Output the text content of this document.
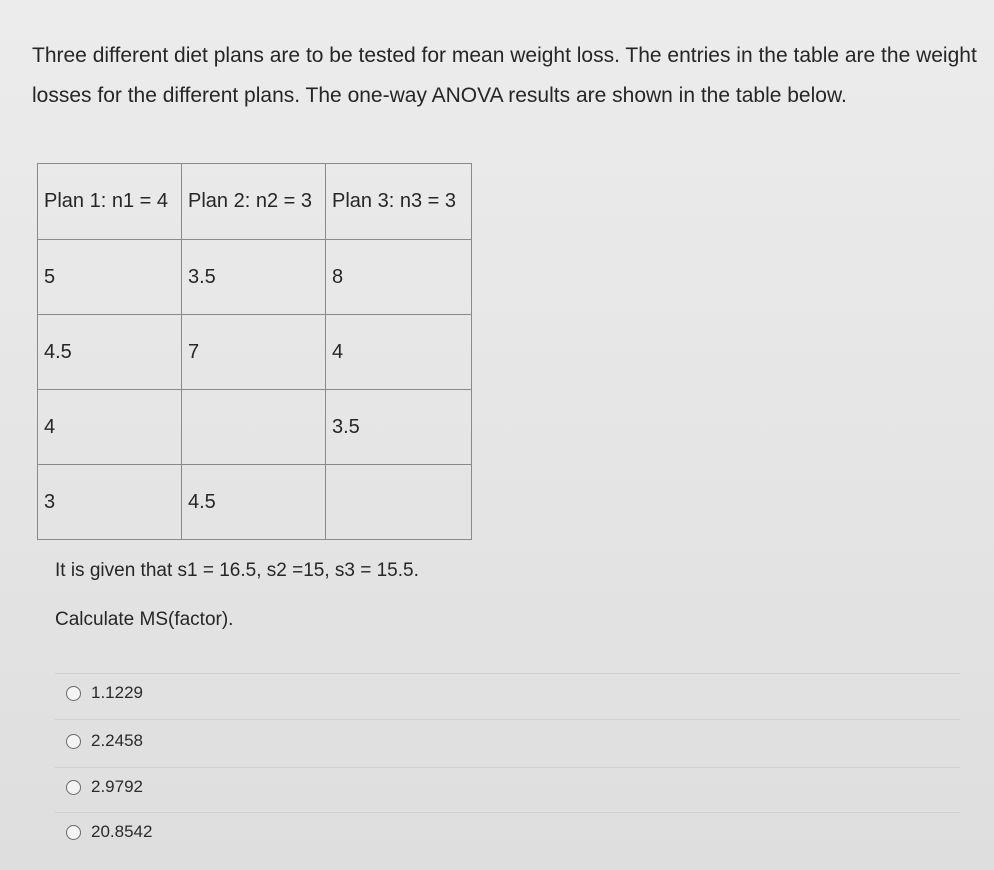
Three different diet plans are to be tested for mean weight loss. The entries in the table are the weight losses for the different plans. The one-way ANOVA results are shown in the table below.
Plan 1: n1 = 4	Plan 2: n2 = 3	Plan 3: n3 = 3
5	3.5	8
4.5	7	4
4		3.5
3	4.5	
It is given that s1 = 16.5, s2 =15, s3 = 15.5.
Calculate MS(factor).
1.1229
2.2458
2.9792
20.8542
